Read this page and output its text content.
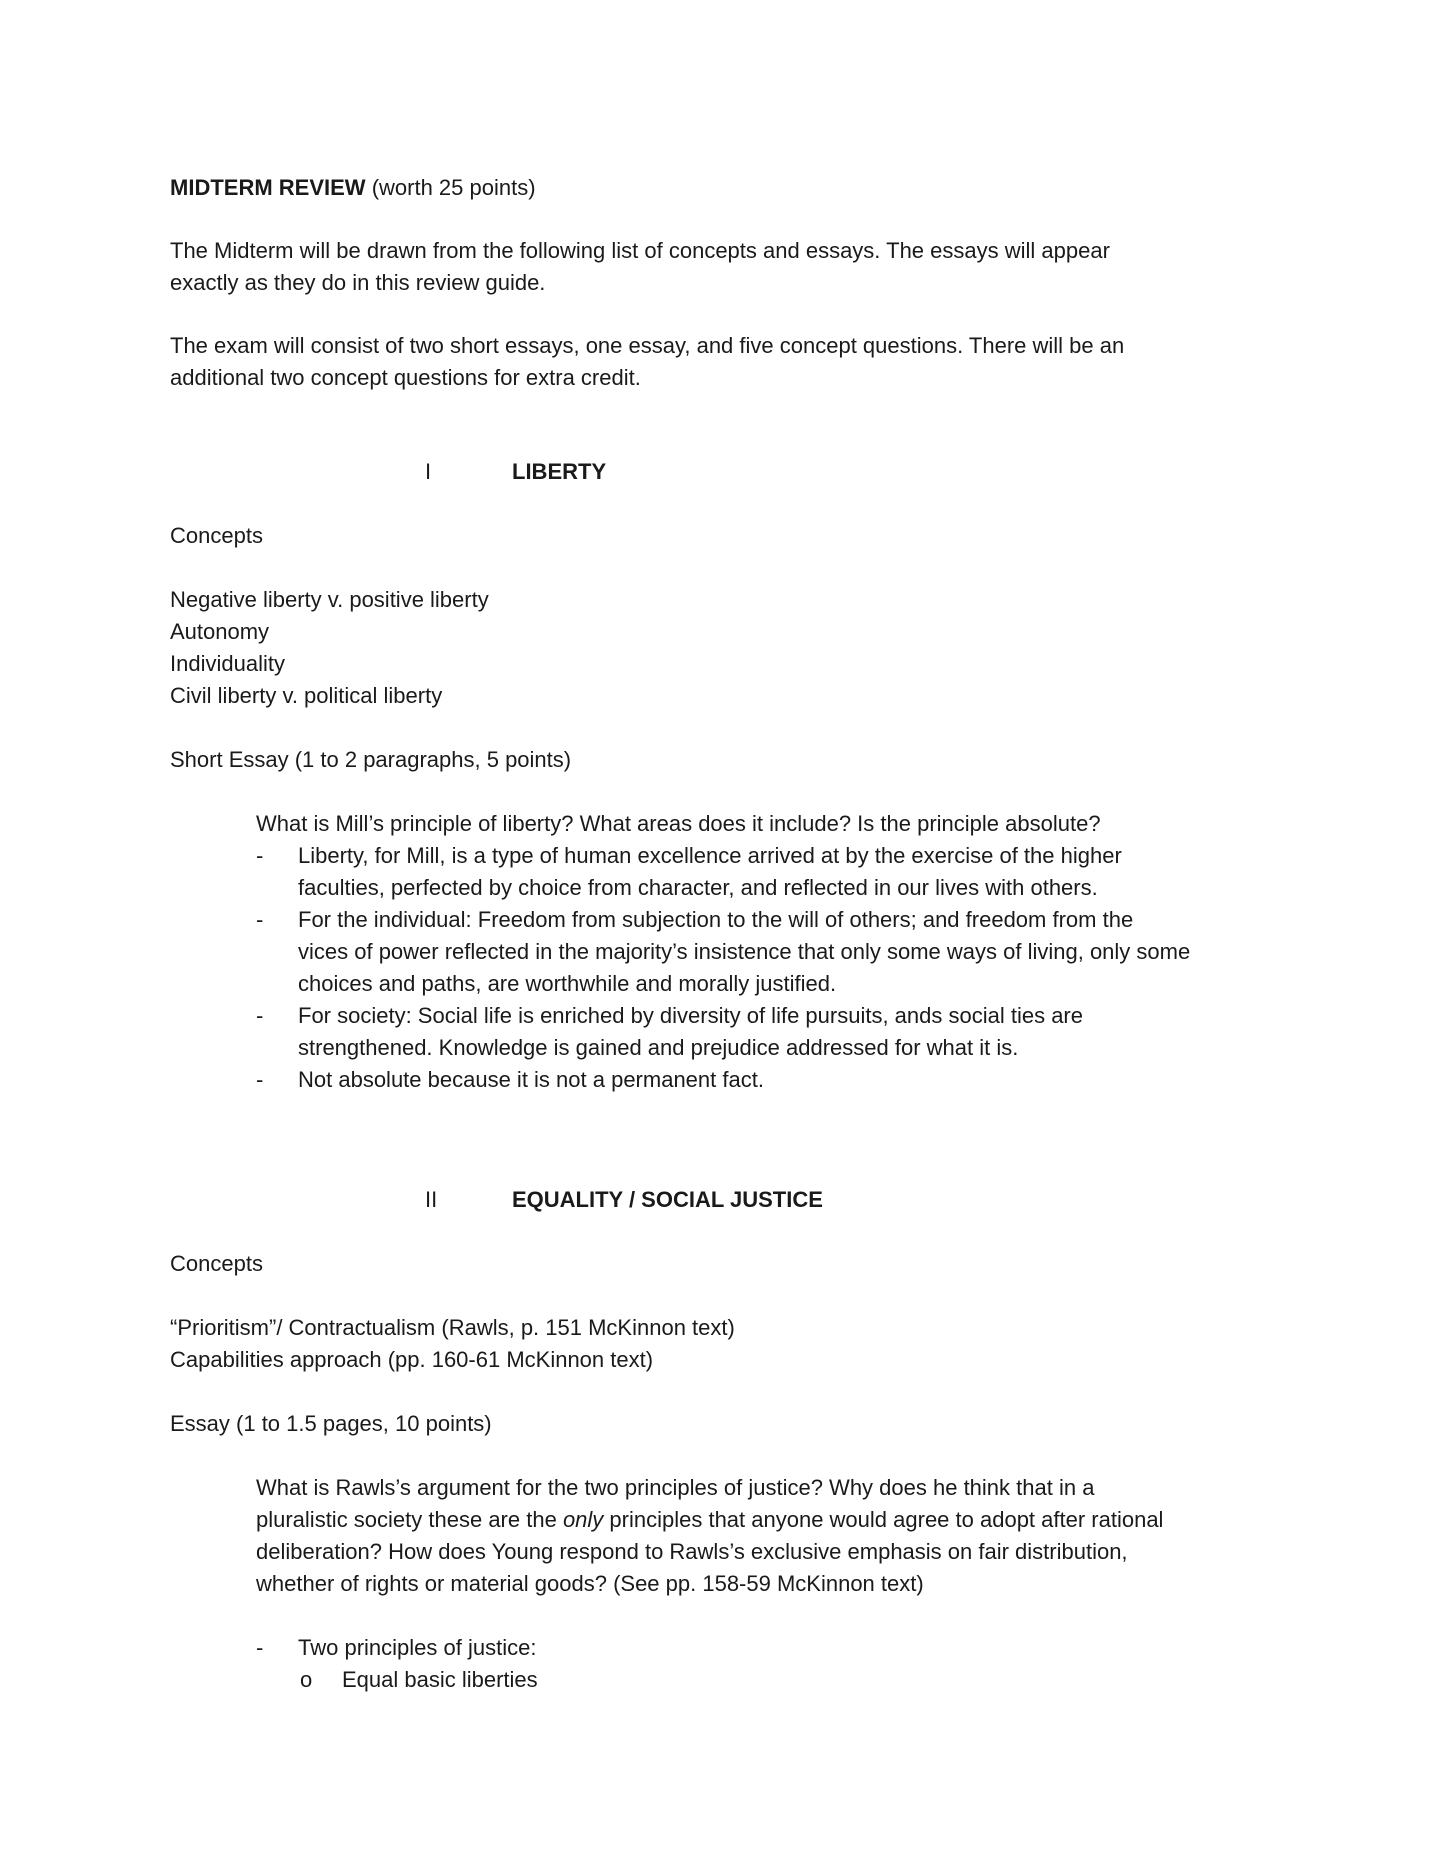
MIDTERM REVIEW (worth 25 points)
The Midterm will be drawn from the following list of concepts and essays. The essays will appear
exactly as they do in this review guide.
The exam will consist of two short essays, one essay, and five concept questions. There will be an
additional two concept questions for extra credit.
I	LIBERTY
Concepts
Negative liberty v. positive liberty
Autonomy
Individuality
Civil liberty v. political liberty
Short Essay (1 to 2 paragraphs, 5 points)
What is Mill’s principle of liberty? What areas does it include? Is the principle absolute?
- Liberty, for Mill, is a type of human excellence arrived at by the exercise of the higher
faculties, perfected by choice from character, and reflected in our lives with others.
- For the individual: Freedom from subjection to the will of others; and freedom from the
vices of power reflected in the majority’s insistence that only some ways of living, only some
choices and paths, are worthwhile and morally justified.
- For society: Social life is enriched by diversity of life pursuits, ands social ties are
strengthened. Knowledge is gained and prejudice addressed for what it is.
- Not absolute because it is not a permanent fact.
II	EQUALITY / SOCIAL JUSTICE
Concepts
“Prioritism”/ Contractualism (Rawls, p. 151 McKinnon text)
Capabilities approach (pp. 160-61 McKinnon text)
Essay (1 to 1.5 pages, 10 points)
What is Rawls’s argument for the two principles of justice? Why does he think that in a
pluralistic society these are the only principles that anyone would agree to adopt after rational
deliberation? How does Young respond to Rawls’s exclusive emphasis on fair distribution,
whether of rights or material goods? (See pp. 158-59 McKinnon text)
- Two principles of justice:
o Equal basic liberties
